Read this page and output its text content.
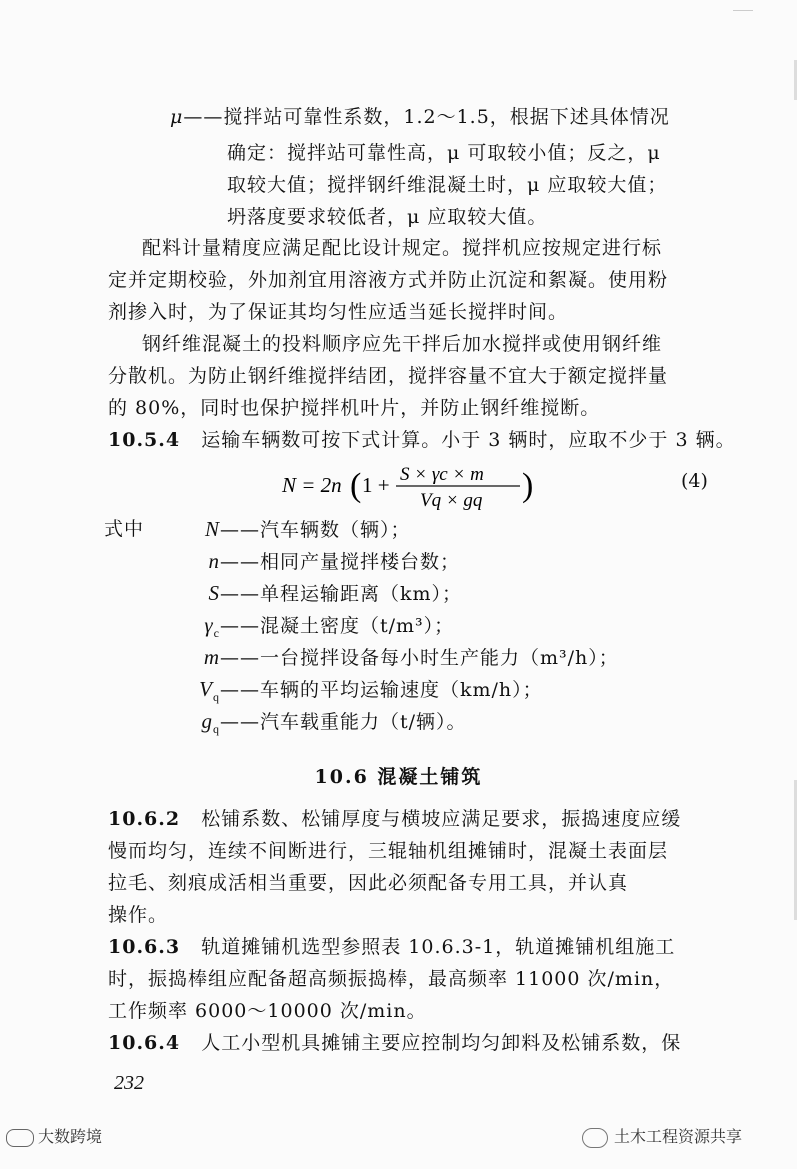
μ——搅拌站可靠性系数，1.2～1.5，根据下述具体情况
确定：搅拌站可靠性高，μ 可取较小值；反之，μ
取较大值；搅拌钢纤维混凝土时，μ 应取较大值；
坍落度要求较低者，μ 应取较大值。
配料计量精度应满足配比设计规定。搅拌机应按规定进行标
定并定期校验，外加剂宜用溶液方式并防止沉淀和絮凝。使用粉
剂掺入时，为了保证其均匀性应适当延长搅拌时间。
钢纤维混凝土的投料顺序应先干拌后加水搅拌或使用钢纤维
分散机。为防止钢纤维搅拌结团，搅拌容量不宜大于额定搅拌量
的 80%，同时也保护搅拌机叶片，并防止钢纤维搅断。
10.5.4 运输车辆数可按下式计算。小于 3 辆时，应取不少于 3 辆。
N = 2n ( 1 + S × γc × m
Vq × gq )	(4)
式中	N——汽车辆数（辆）；
n——相同产量搅拌楼台数；
S——单程运输距离（km）；
$\gamma_c——$混凝土密度（t/m³）；
m——一台搅拌设备每小时生产能力（m³/h）；
$V_q——$车辆的平均运输速度（km/h）；
$g_q——$汽车载重能力（t/辆）。
10.6 混凝土铺筑
10.6.2 松铺系数、松铺厚度与横坡应满足要求，振捣速度应缓
慢而均匀，连续不间断进行，三辊轴机组摊铺时，混凝土表面层
拉毛、刻痕成活相当重要，因此必须配备专用工具，并认真
操作。
10.6.3 轨道摊铺机选型参照表 10.6.3-1，轨道摊铺机组施工
时，振捣棒组应配备超高频振捣棒，最高频率 11000 次/min，
工作频率 6000～10000 次/min。
10.6.4 人工小型机具摊铺主要应控制均匀卸料及松铺系数，保
232
大数跨境	土木工程资源共享
